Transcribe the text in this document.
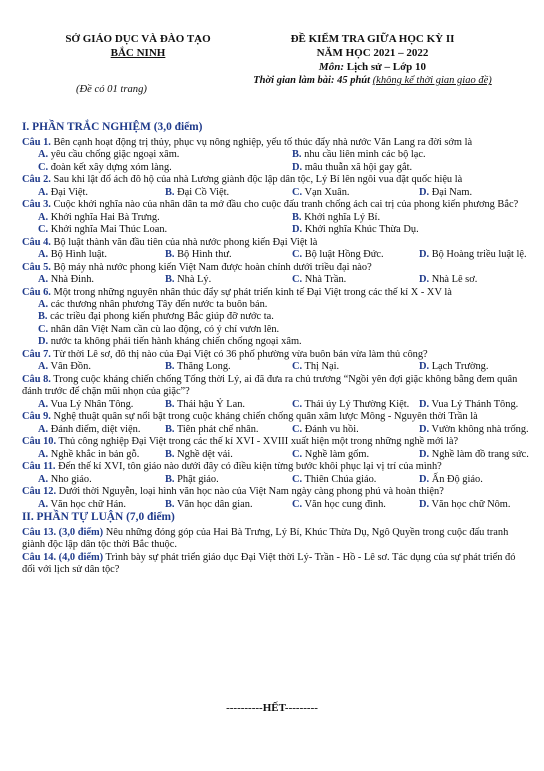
SỞ GIÁO DỤC VÀ ĐÀO TẠO
BẮC NINH
(Đề có 01 trang)
ĐỀ KIỂM TRA GIỮA HỌC KỲ II
NĂM HỌC 2021 – 2022
Môn: Lịch sử – Lớp 10
Thời gian làm bài: 45 phút (không kể thời gian giao đề)
I. PHẦN TRẮC NGHIỆM (3,0 điểm)

Câu 1. Bên cạnh hoạt động trị thủy, phục vụ nông nghiệp, yếu tố thúc đẩy nhà nước Văn Lang ra đời sớm là

A. yêu cầu chống giặc ngoại xâm.	B. nhu cầu liên minh các bộ lạc.
C. đoàn kết xây dựng xóm làng.	D. mâu thuẫn xã hội gay gắt.

Câu 2. Sau khi lật đổ ách đô hộ của nhà Lương giành độc lập dân tộc, Lý Bí lên ngôi vua đặt quốc hiệu là

A. Đại Việt.	B. Đại Cồ Việt.	C. Vạn Xuân.	D. Đại Nam.

Câu 3. Cuộc khởi nghĩa nào của nhân dân ta mở đầu cho cuộc đấu tranh chống ách cai trị của phong kiến phương Bắc?

A. Khởi nghĩa Hai Bà Trưng.	B. Khởi nghĩa Lý Bí.
C. Khởi nghĩa Mai Thúc Loan.	D. Khởi nghĩa Khúc Thừa Dụ.

Câu 4. Bộ luật thành văn đầu tiên của nhà nước phong kiến Đại Việt là

A. Bộ Hình luật.	B. Bộ Hình thư.	C. Bộ luật Hồng Đức.	D. Bộ Hoàng triều luật lệ.

Câu 5. Bộ máy nhà nước phong kiến Việt Nam được hoàn chỉnh dưới triều đại nào?

A. Nhà Đinh.	B. Nhà Lý.	C. Nhà Trần.	D. Nhà Lê sơ.

Câu 6. Một trong những nguyên nhân thúc đẩy sự phát triển kinh tế Đại Việt trong các thế kỉ X - XV là

A. các thương nhân phương Tây đến nước ta buôn bán.
B. các triều đại phong kiến phương Bắc giúp đỡ nước ta.
C. nhân dân Việt Nam cần cù lao động, có ý chí vươn lên.
D. nước ta không phải tiến hành kháng chiến chống ngoại xâm.

Câu 7. Từ thời Lê sơ, đô thị nào của Đại Việt có 36 phố phường vừa buôn bán vừa làm thủ công?

A. Vân Đồn.	B. Thăng Long.	C. Thị Nại.	D. Lạch Trường.

Câu 8. Trong cuộc kháng chiến chống Tống thời Lý, ai đã đưa ra chủ trương “Ngồi yên đợi giặc không bằng đem quân đánh trước để chặn mũi nhọn của giặc”?

A. Vua Lý Nhân Tông.	B. Thái hậu Ỷ Lan.	C. Thái úy Lý Thường Kiệt. D. Vua Lý Thánh Tông.

Câu 9. Nghệ thuật quân sự nổi bật trong cuộc kháng chiến chống quân xâm lược Mông - Nguyên thời Trần là

A. Đánh điểm, diệt viện.	B. Tiên phát chế nhân.	C. Đánh vu hồi.	D. Vườn không nhà trống.

Câu 10. Thủ công nghiệp Đại Việt trong các thế kỉ XVI - XVIII xuất hiện một trong những nghề mới là?

A. Nghề khắc in bản gỗ.	B. Nghề dệt vải.	C. Nghề làm gốm.	D. Nghề làm đồ trang sức.

Câu 11. Đến thế kỉ XVI, tôn giáo nào dưới đây có điều kiện từng bước khôi phục lại vị trí của mình?

A. Nho giáo.	B. Phật giáo.	C. Thiên Chúa giáo.	D. Ấn Độ giáo.

Câu 12. Dưới thời Nguyễn, loại hình văn học nào của Việt Nam ngày càng phong phú và hoàn thiện?

A. Văn học chữ Hán.	B. Văn học dân gian.	C. Văn học cung đình.	D. Văn học chữ Nôm.
II. PHẦN TỰ LUẬN (7,0 điểm)

Câu 13. (3,0 điểm) Nêu những đóng góp của Hai Bà Trưng, Lý Bí, Khúc Thừa Dụ, Ngô Quyền trong cuộc đấu tranh giành độc lập dân tộc thời Bắc thuộc.

Câu 14. (4,0 điểm) Trình bày sự phát triển giáo dục Đại Việt thời Lý- Trần - Hồ - Lê sơ. Tác dụng của sự phát triển đó đối với lịch sử dân tộc?

----------HẾT---------
